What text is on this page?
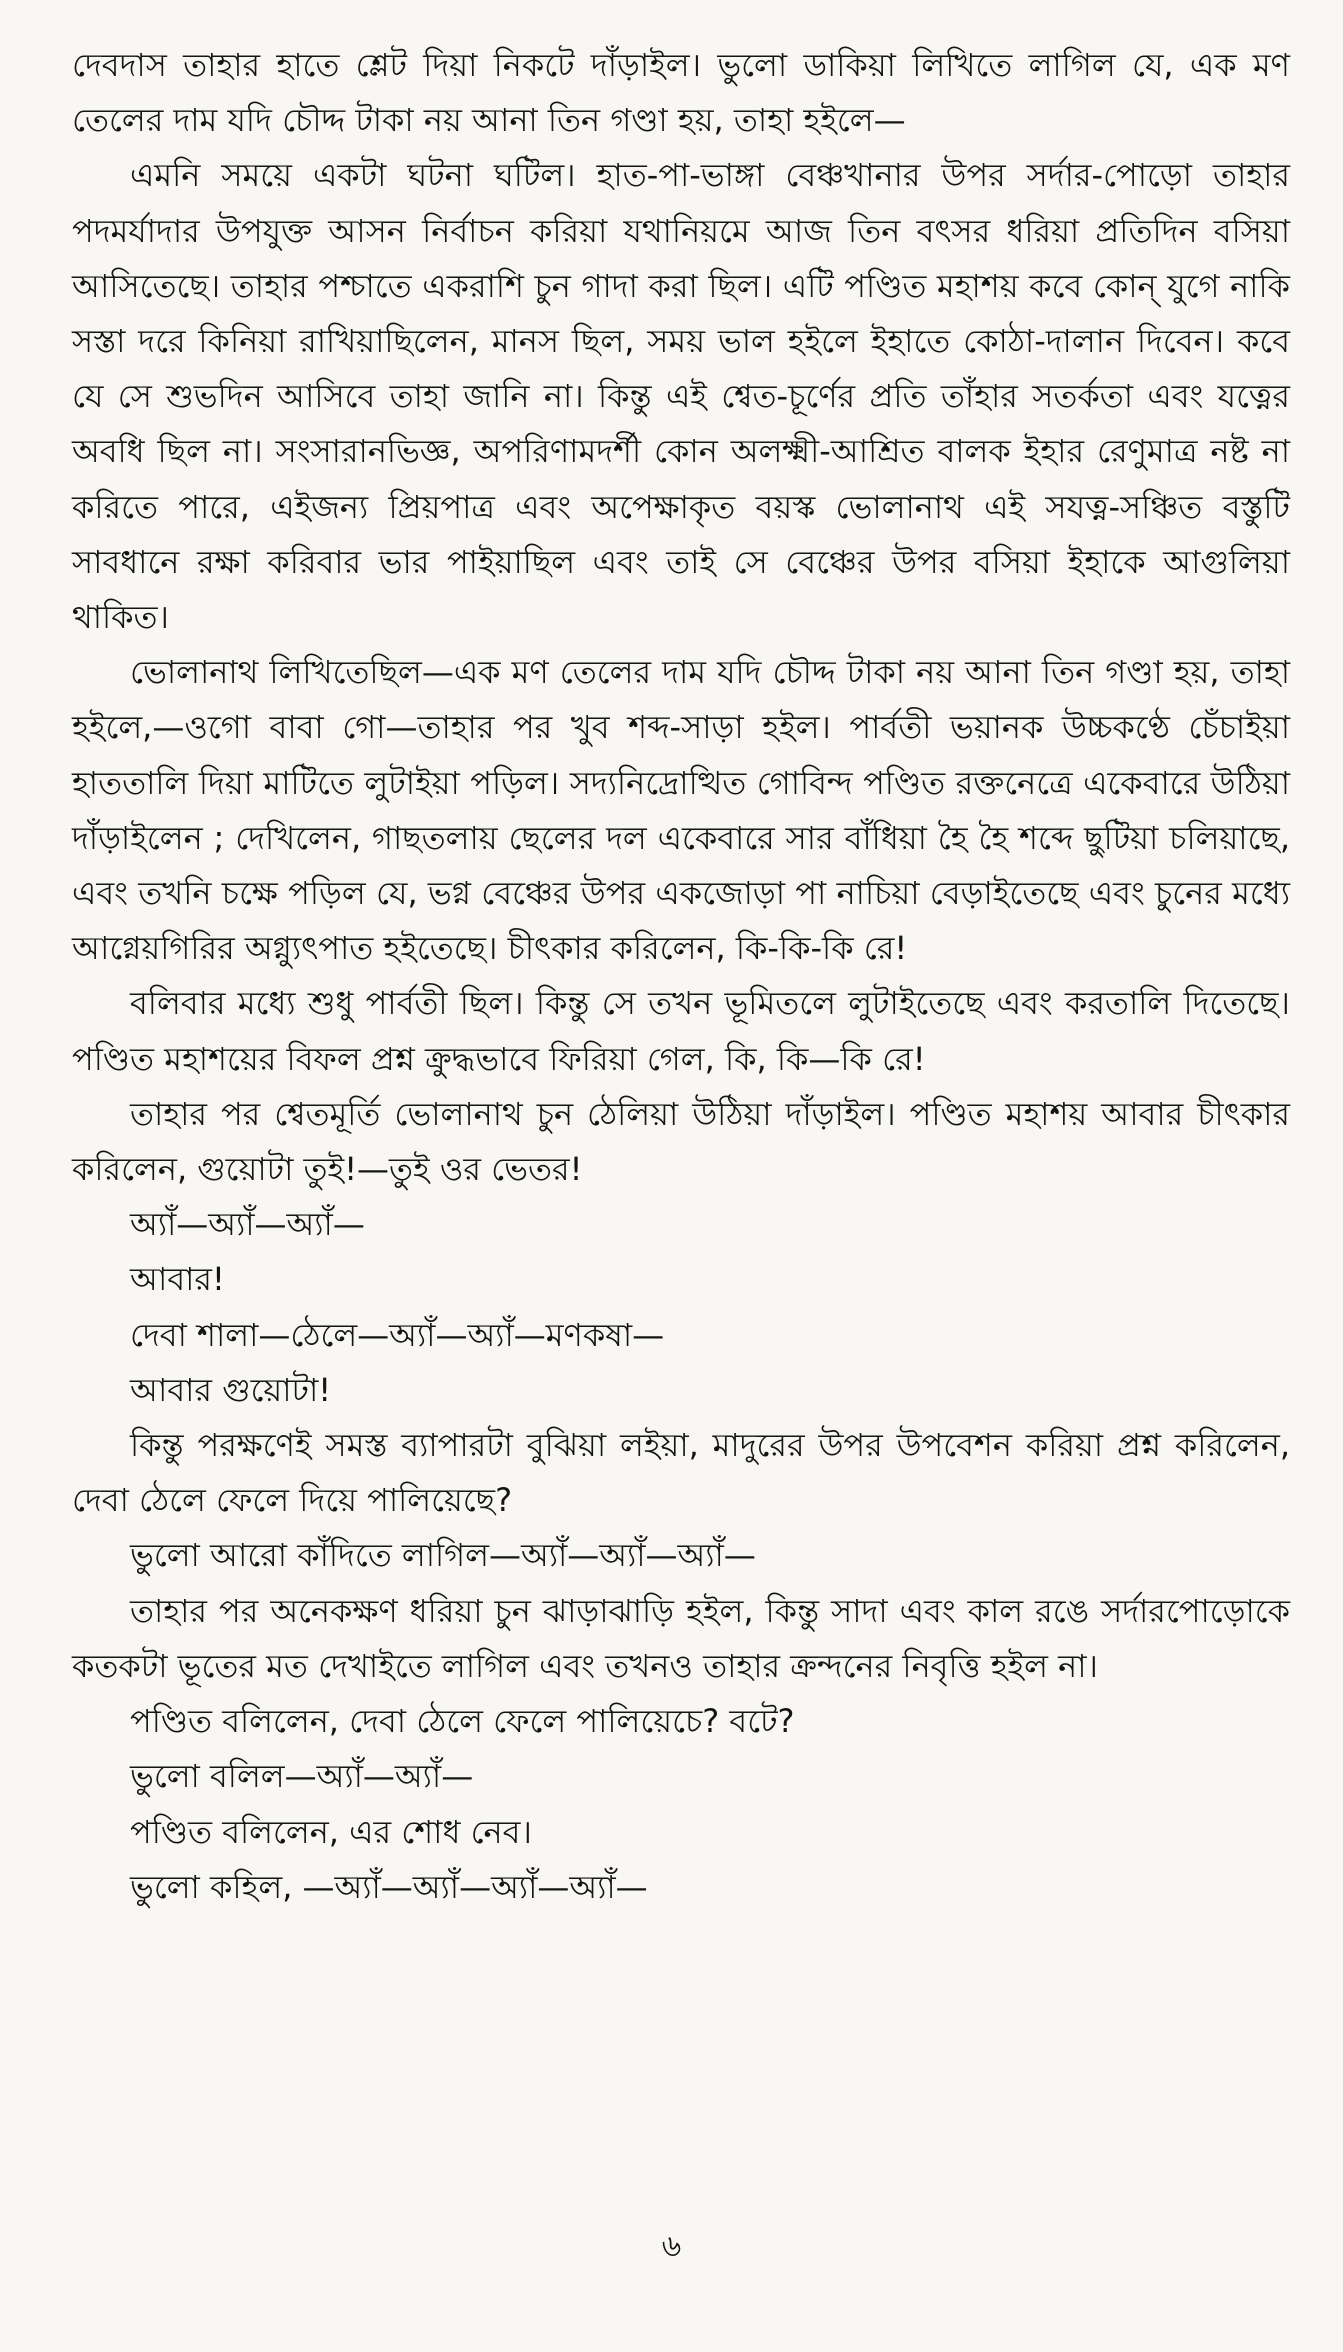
দেবদাস তাহার হাতে শ্লেট দিয়া নিকটে দাঁড়াইল। ভুলো ডাকিয়া লিখিতে লাগিল যে, এক মণ তেলের দাম যদি চৌদ্দ টাকা নয় আনা তিন গণ্ডা হয়, তাহা হইলে—

এমনি সময়ে একটা ঘটনা ঘটিল। হাত-পা-ভাঙ্গা বেঞ্চখানার উপর সর্দার-পোড়ো তাহার পদমর্যাদার উপযুক্ত আসন নির্বাচন করিয়া যথানিয়মে আজ তিন বৎসর ধরিয়া প্রতিদিন বসিয়া আসিতেছে। তাহার পশ্চাতে একরাশি চুন গাদা করা ছিল। এটি পণ্ডিত মহাশয় কবে কোন্ যুগে নাকি সস্তা দরে কিনিয়া রাখিয়াছিলেন, মানস ছিল, সময় ভাল হইলে ইহাতে কোঠা-দালান দিবেন। কবে যে সে শুভদিন আসিবে তাহা জানি না। কিন্তু এই শ্বেত-চূর্ণের প্রতি তাঁহার সতর্কতা এবং যত্নের অবধি ছিল না। সংসারানভিজ্ঞ, অপরিণামদর্শী কোন অলক্ষ্মী-আশ্রিত বালক ইহার রেণুমাত্র নষ্ট না করিতে পারে, এইজন্য প্রিয়পাত্র এবং অপেক্ষাকৃত বয়স্ক ভোলানাথ এই সযত্ন-সঞ্চিত বস্তুটি সাবধানে রক্ষা করিবার ভার পাইয়াছিল এবং তাই সে বেঞ্চের উপর বসিয়া ইহাকে আগুলিয়া থাকিত।

ভোলানাথ লিখিতেছিল—এক মণ তেলের দাম যদি চৌদ্দ টাকা নয় আনা তিন গণ্ডা হয়, তাহা হইলে,—ওগো বাবা গো—তাহার পর খুব শব্দ-সাড়া হইল। পার্বতী ভয়ানক উচ্চকণ্ঠে চেঁচাইয়া হাততালি দিয়া মাটিতে লুটাইয়া পড়িল। সদ্যনিদ্রোত্থিত গোবিন্দ পণ্ডিত রক্তনেত্রে একেবারে উঠিয়া দাঁড়াইলেন ; দেখিলেন, গাছতলায় ছেলের দল একেবারে সার বাঁধিয়া হৈ হৈ শব্দে ছুটিয়া চলিয়াছে, এবং তখনি চক্ষে পড়িল যে, ভগ্ন বেঞ্চের উপর একজোড়া পা নাচিয়া বেড়াইতেছে এবং চুনের মধ্যে আগ্নেয়গিরির অগ্ন্যুৎপাত হইতেছে। চীৎকার করিলেন, কি-কি-কি রে!

বলিবার মধ্যে শুধু পার্বতী ছিল। কিন্তু সে তখন ভূমিতলে লুটাইতেছে এবং করতালি দিতেছে। পণ্ডিত মহাশয়ের বিফল প্রশ্ন ক্রুদ্ধভাবে ফিরিয়া গেল, কি, কি—কি রে!

তাহার পর শ্বেতমূর্তি ভোলানাথ চুন ঠেলিয়া উঠিয়া দাঁড়াইল। পণ্ডিত মহাশয় আবার চীৎকার করিলেন, গুয়োটা তুই!—তুই ওর ভেতর!

অ্যাঁ—অ্যাঁ—অ্যাঁ—

আবার!

দেবা শালা—ঠেলে—অ্যাঁ—অ্যাঁ—মণকষা—

আবার গুয়োটা!

কিন্তু পরক্ষণেই সমস্ত ব্যাপারটা বুঝিয়া লইয়া, মাদুরের উপর উপবেশন করিয়া প্রশ্ন করিলেন, দেবা ঠেলে ফেলে দিয়ে পালিয়েছে?

ভুলো আরো কাঁদিতে লাগিল—অ্যাঁ—অ্যাঁ—অ্যাঁ—

তাহার পর অনেকক্ষণ ধরিয়া চুন ঝাড়াঝাড়ি হইল, কিন্তু সাদা এবং কাল রঙে সর্দারপোড়োকে কতকটা ভূতের মত দেখাইতে লাগিল এবং তখনও তাহার ক্রন্দনের নিবৃত্তি হইল না।

পণ্ডিত বলিলেন, দেবা ঠেলে ফেলে পালিয়েচে? বটে?

ভুলো বলিল—অ্যাঁ—অ্যাঁ—

পণ্ডিত বলিলেন, এর শোধ নেব।

ভুলো কহিল, —অ্যাঁ—অ্যাঁ—অ্যাঁ—অ্যাঁ—

৬
